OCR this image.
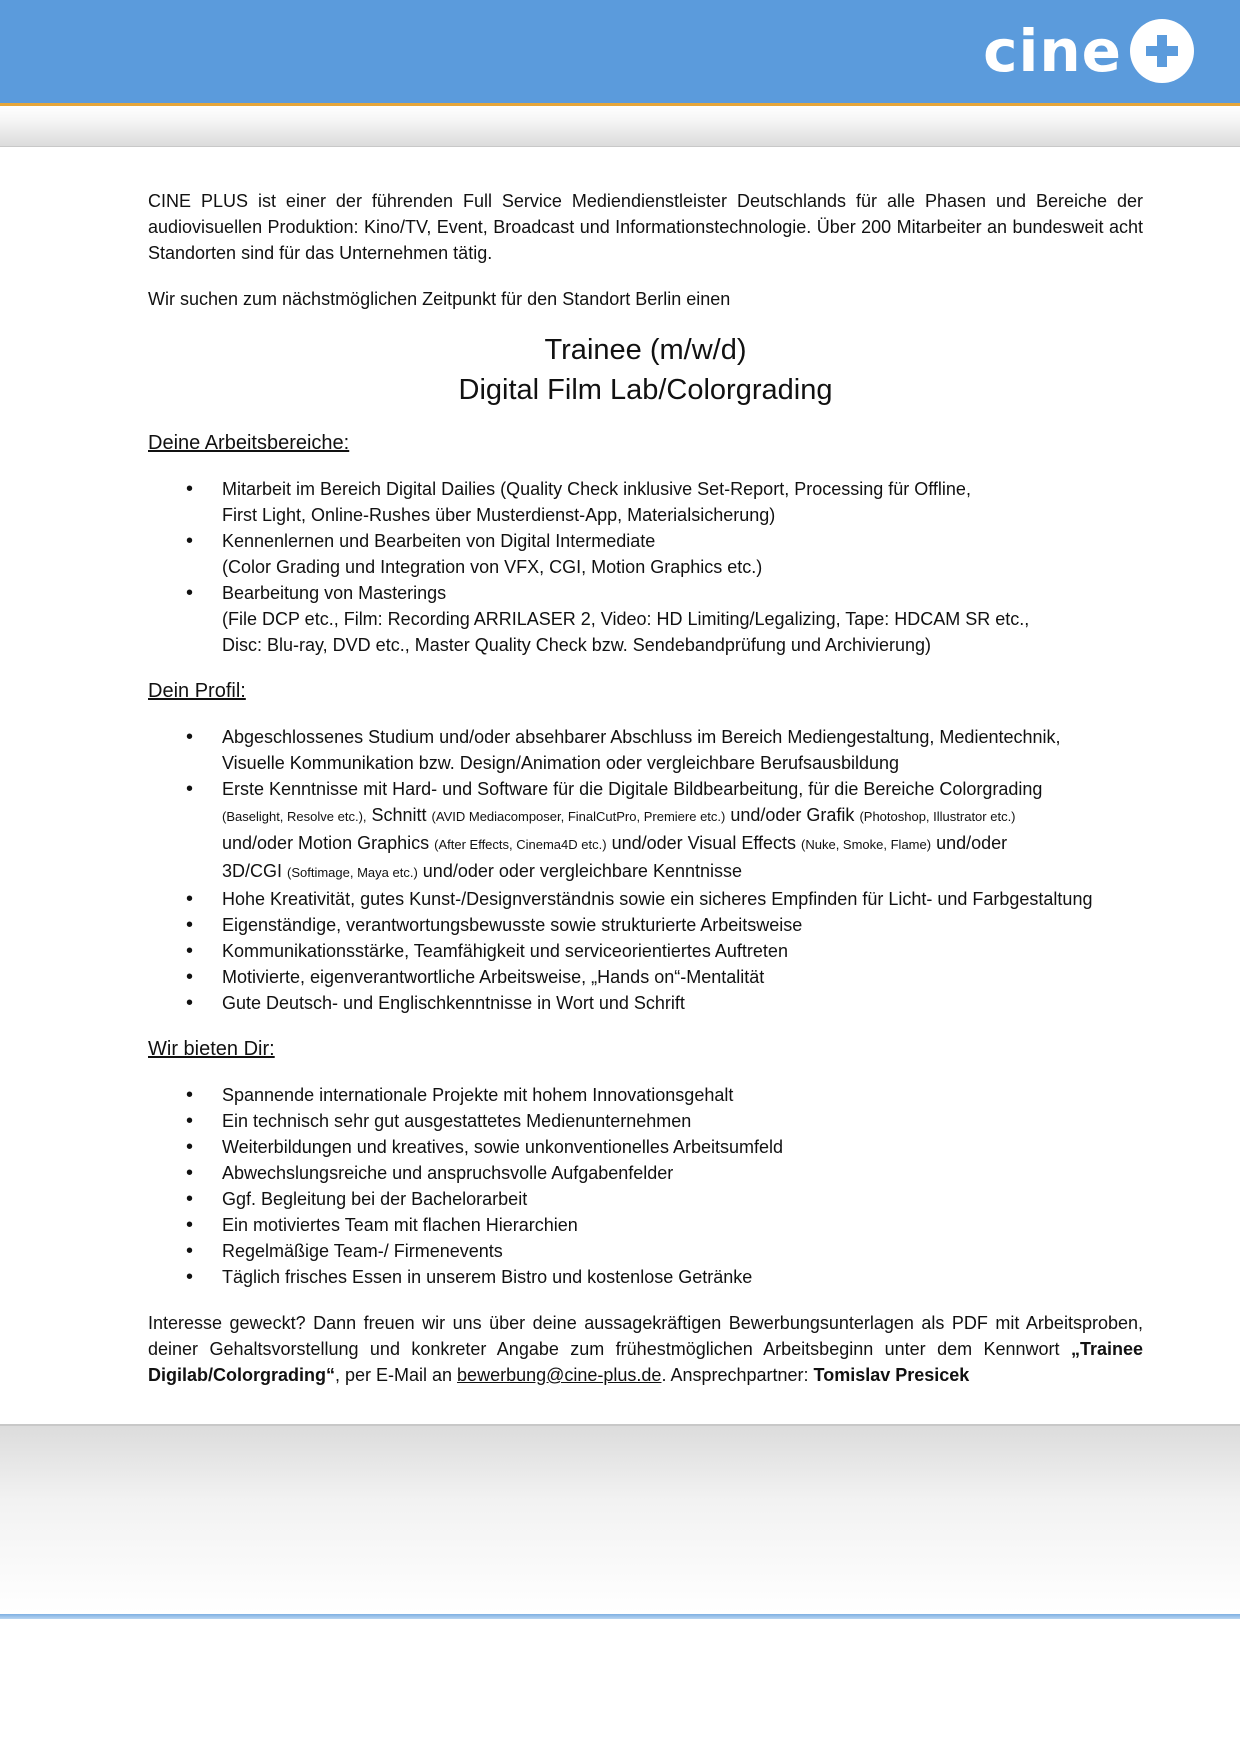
cine

CINE PLUS ist einer der führenden Full Service Mediendienstleister Deutschlands für alle Phasen und Bereiche der audiovisuellen Produktion: Kino/TV, Event, Broadcast und Informationstechnologie. Über 200 Mitarbeiter an bundesweit acht Standorten sind für das Unternehmen tätig.

Wir suchen zum nächstmöglichen Zeitpunkt für den Standort Berlin einen

Trainee (m/w/d)
Digital Film Lab/Colorgrading
Deine Arbeitsbereiche:
• Mitarbeit im Bereich Digital Dailies (Quality Check inklusive Set-Report, Processing für Offline,
First Light, Online-Rushes über Musterdienst-App, Materialsicherung)
• Kennenlernen und Bearbeiten von Digital Intermediate
(Color Grading und Integration von VFX, CGI, Motion Graphics etc.)
• Bearbeitung von Masterings
(File DCP etc., Film: Recording ARRILASER 2, Video: HD Limiting/Legalizing, Tape: HDCAM SR etc.,
Disc: Blu-ray, DVD etc., Master Quality Check bzw. Sendebandprüfung und Archivierung)
Dein Profil:
• Abgeschlossenes Studium und/oder absehbarer Abschluss im Bereich Mediengestaltung, Medientechnik,
Visuelle Kommunikation bzw. Design/Animation oder vergleichbare Berufsausbildung
• Erste Kenntnisse mit Hard- und Software für die Digitale Bildbearbeitung, für die Bereiche Colorgrading
(Baselight, Resolve etc.), Schnitt (AVID Mediacomposer, FinalCutPro, Premiere etc.) und/oder Grafik (Photoshop, Illustrator etc.)
und/oder Motion Graphics (After Effects, Cinema4D etc.) und/oder Visual Effects (Nuke, Smoke, Flame) und/oder
3D/CGI (Softimage, Maya etc.) und/oder oder vergleichbare Kenntnisse
• Hohe Kreativität, gutes Kunst-/Designverständnis sowie ein sicheres Empfinden für Licht- und Farbgestaltung
• Eigenständige, verantwortungsbewusste sowie strukturierte Arbeitsweise
• Kommunikationsstärke, Teamfähigkeit und serviceorientiertes Auftreten
• Motivierte, eigenverantwortliche Arbeitsweise, „Hands on“-Mentalität
• Gute Deutsch- und Englischkenntnisse in Wort und Schrift
Wir bieten Dir:
• Spannende internationale Projekte mit hohem Innovationsgehalt
• Ein technisch sehr gut ausgestattetes Medienunternehmen
• Weiterbildungen und kreatives, sowie unkonventionelles Arbeitsumfeld
• Abwechslungsreiche und anspruchsvolle Aufgabenfelder
• Ggf. Begleitung bei der Bachelorarbeit
• Ein motiviertes Team mit flachen Hierarchien
• Regelmäßige Team-/ Firmenevents
• Täglich frisches Essen in unserem Bistro und kostenlose Getränke

Interesse geweckt? Dann freuen wir uns über deine aussagekräftigen Bewerbungsunterlagen als PDF mit Arbeitsproben, deiner Gehaltsvorstellung und konkreter Angabe zum frühestmöglichen Arbeitsbeginn unter dem Kennwort „Trainee Digilab/Colorgrading“, per E-Mail an bewerbung@cine-plus.de. Ansprechpartner: Tomislav Presicek
